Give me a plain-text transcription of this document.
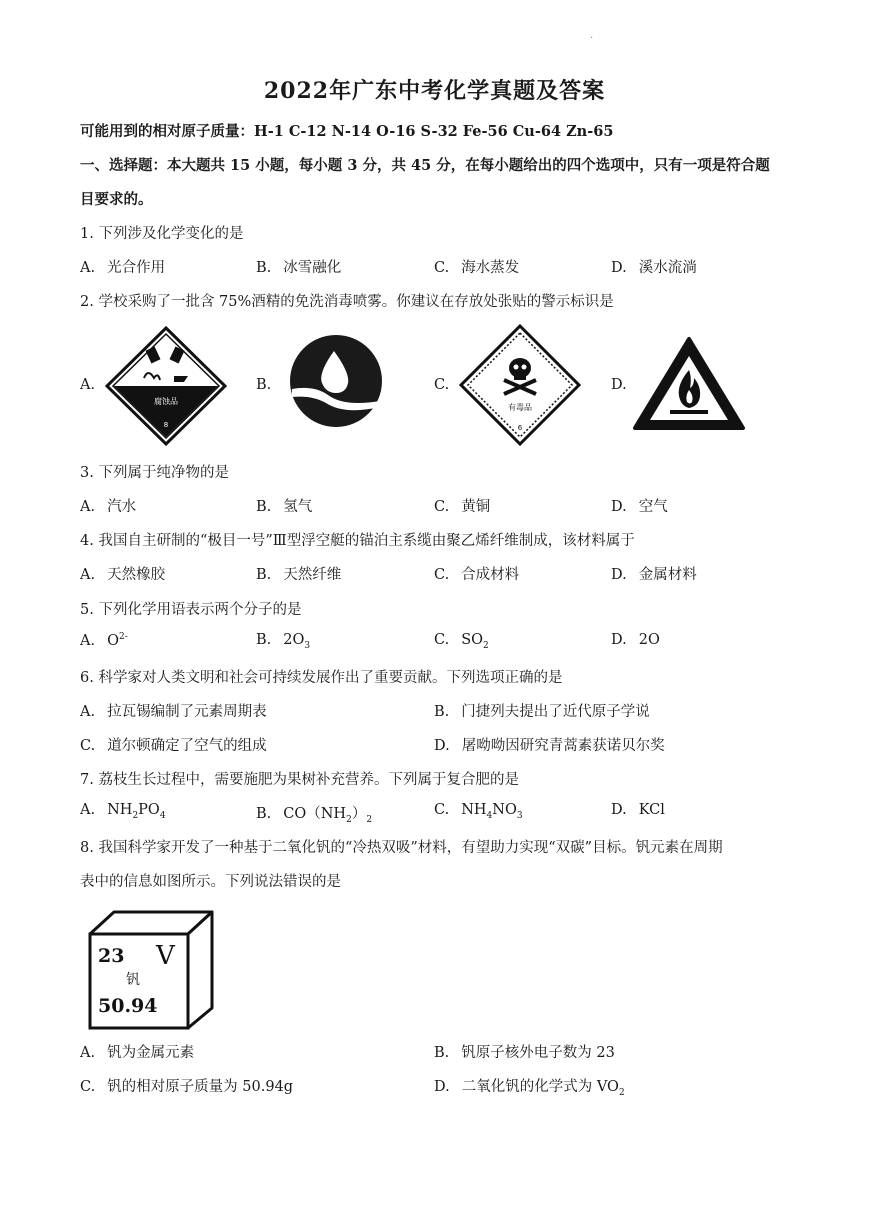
.
2022年广东中考化学真题及答案
可能用到的相对原子质量：H-1 C-12 N-14 O-16 S-32 Fe-56 Cu-64 Zn-65
一、选择题：本大题共 15 小题，每小题 3 分，共 45 分，在每小题给出的四个选项中，只有一项是符合题
目要求的。
1. 下列涉及化学变化的是
A. 光合作用	B. 冰雪融化	C. 海水蒸发	D. 溪水流淌
2. 学校采购了一批含 75%酒精的免洗消毒喷雾。你建议在存放处张贴的警示标识是
A.	B.	C.	D.
腐蚀品
8
有毒品
6
3. 下列属于纯净物的是
A. 汽水	B. 氢气	C. 黄铜	D. 空气
4. 我国自主研制的“极目一号”Ⅲ型浮空艇的锚泊主系缆由聚乙烯纤维制成，该材料属于
A. 天然橡胶	B. 天然纤维	C. 合成材料	D. 金属材料
5. 下列化学用语表示两个分子的是
A. $O^{2-}$	B. $2O_3$	C. $SO_2$	D. 2O
6. 科学家对人类文明和社会可持续发展作出了重要贡献。下列选项正确的是
A. 拉瓦锡编制了元素周期表	B. 门捷列夫提出了近代原子学说
C. 道尔顿确定了空气的组成	D. 屠呦呦因研究青蒿素获诺贝尔奖
7. 荔枝生长过程中，需要施肥为果树补充营养。下列属于复合肥的是
A. $NH_2PO_4$	B. $CO(NH_2)_2$
C. $NH_4NO_3$	D. KCl
8. 我国科学家开发了一种基于二氧化钒的“冷热双吸”材料，有望助力实现“双碳”目标。钒元素在周期
表中的信息如图所示。下列说法错误的是
23 V
钒
50.94
A. 钒为金属元素	B. 钒原子核外电子数为 23
C. 钒的相对原子质量为 50.94g	D. 二氧化钒的化学式为 $VO_2$
